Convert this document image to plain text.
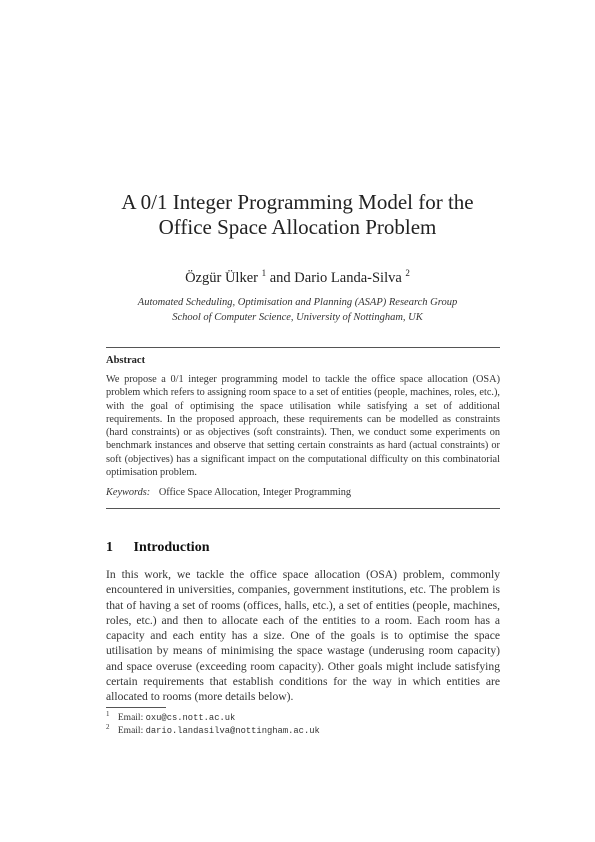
A 0/1 Integer Programming Model for the
Office Space Allocation Problem
Özgür Ülker $^1$ and Dario Landa-Silva $^2$
Automated Scheduling, Optimisation and Planning (ASAP) Research Group
School of Computer Science, University of Nottingham, UK
Abstract
We propose a 0/1 integer programming model to tackle the office space allocation (OSA) problem which refers to assigning room space to a set of entities (people, machines, roles, etc.), with the goal of optimising the space utilisation while satisfying a set of additional requirements. In the proposed approach, these requirements can be modelled as constraints (hard constraints) or as objectives (soft constraints). Then, we conduct some experiments on benchmark instances and observe that setting certain constraints as hard (actual constraints) or soft (objectives) has a significant impact on the computational difficulty on this combinatorial optimisation problem.
Keywords: Office Space Allocation, Integer Programming
1 Introduction
In this work, we tackle the office space allocation (OSA) problem, commonly encountered in universities, companies, government institutions, etc. The problem is that of having a set of rooms (offices, halls, etc.), a set of entities (people, machines, roles, etc.) and then to allocate each of the entities to a room. Each room has a capacity and each entity has a size. One of the goals is to optimise the space utilisation by means of minimising the space wastage (underusing room capacity) and space overuse (exceeding room capacity). Other goals might include satisfying certain requirements that establish conditions for the way in which entities are allocated to rooms (more details below).
$^1$ Email: oxu@cs.nott.ac.uk
$^2$ Email: dario.landasilva@nottingham.ac.uk
